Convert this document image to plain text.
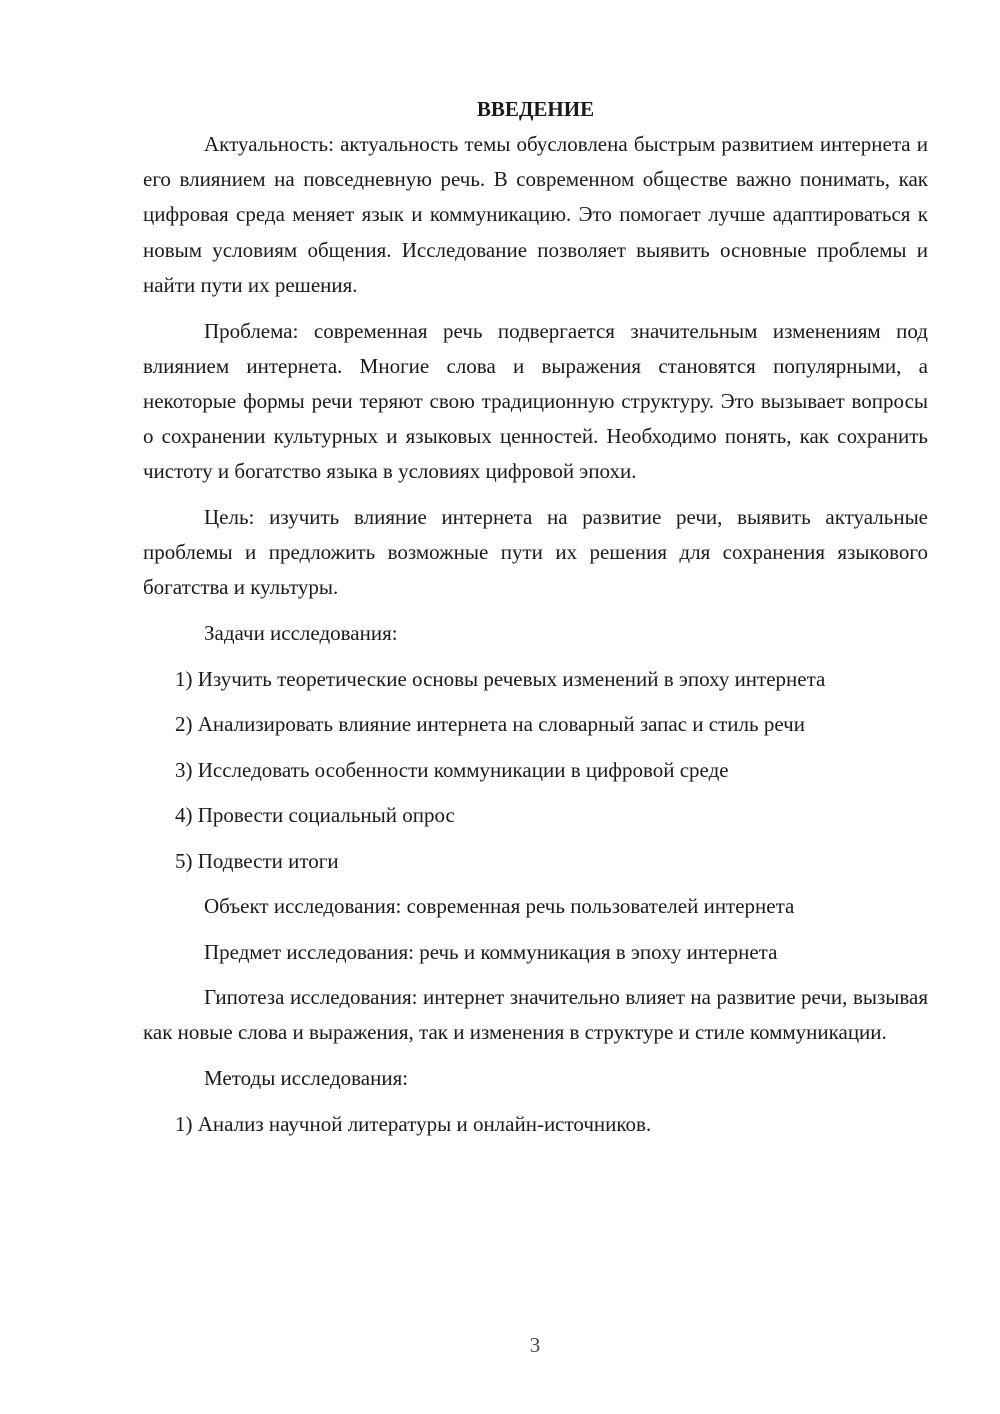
ВВЕДЕНИЕ

Актуальность: актуальность темы обусловлена быстрым развитием интернета и его влиянием на повседневную речь. В современном обществе важно понимать, как цифровая среда меняет язык и коммуникацию. Это помогает лучше адаптироваться к новым условиям общения. Исследование позволяет выявить основные проблемы и найти пути их решения.

Проблема: современная речь подвергается значительным изменениям под влиянием интернета. Многие слова и выражения становятся популярными, а некоторые формы речи теряют свою традиционную структуру. Это вызывает вопросы о сохранении культурных и языковых ценностей. Необходимо понять, как сохранить чистоту и богатство языка в условиях цифровой эпохи.

Цель: изучить влияние интернета на развитие речи, выявить актуальные проблемы и предложить возможные пути их решения для сохранения языкового богатства и культуры.

Задачи исследования:

1) Изучить теоретические основы речевых изменений в эпоху интернета

2) Анализировать влияние интернета на словарный запас и стиль речи
3) Исследовать особенности коммуникации в цифровой среде
4) Провести социальный опрос
5) Подвести итоги
Объект исследования: современная речь пользователей интернета
Предмет исследования: речь и коммуникация в эпоху интернета

Гипотеза исследования: интернет значительно влияет на развитие речи, вызывая как новые слова и выражения, так и изменения в структуре и стиле коммуникации.

Методы исследования:
1) Анализ научной литературы и онлайн-источников.
3
